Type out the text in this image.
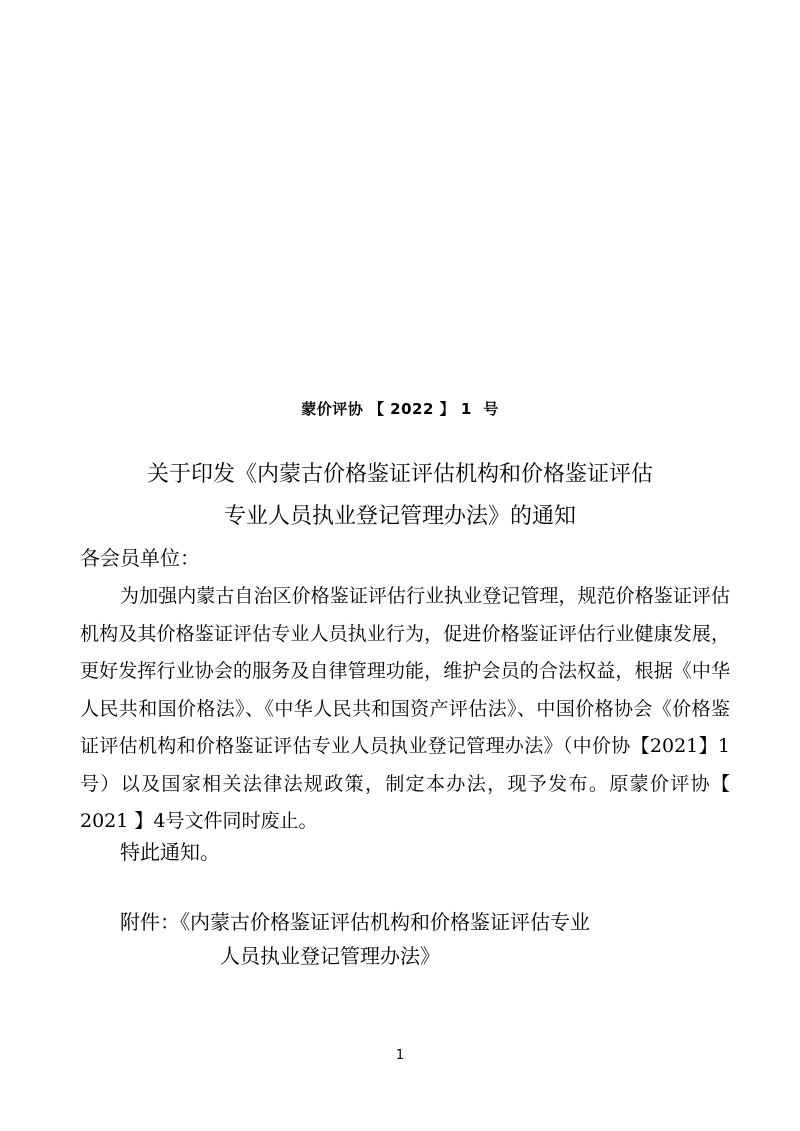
蒙价评协 【 2022 】 1  号
关于印发《内蒙古价格鉴证评估机构和价格鉴证评估
专业人员执业登记管理办法》的通知
各会员单位：
为加强内蒙古自治区价格鉴证评估行业执业登记管理，规范价格鉴证评估机构及其价格鉴证评估专业人员执业行为，促进价格鉴证评估行业健康发展，更好发挥行业协会的服务及自律管理功能，维护会员的合法权益，根据《中华人民共和国价格法》、《中华人民共和国资产评估法》、中国价格协会《价格鉴证评估机构和价格鉴证评估专业人员执业登记管理办法》（中价协【2021】1号）以及国家相关法律法规政策，制定本办法，现予发布。原蒙价评协【 2021 】4号文件同时废止。
特此通知。
附件：《内蒙古价格鉴证评估机构和价格鉴证评估专业
人员执业登记管理办法》
1
